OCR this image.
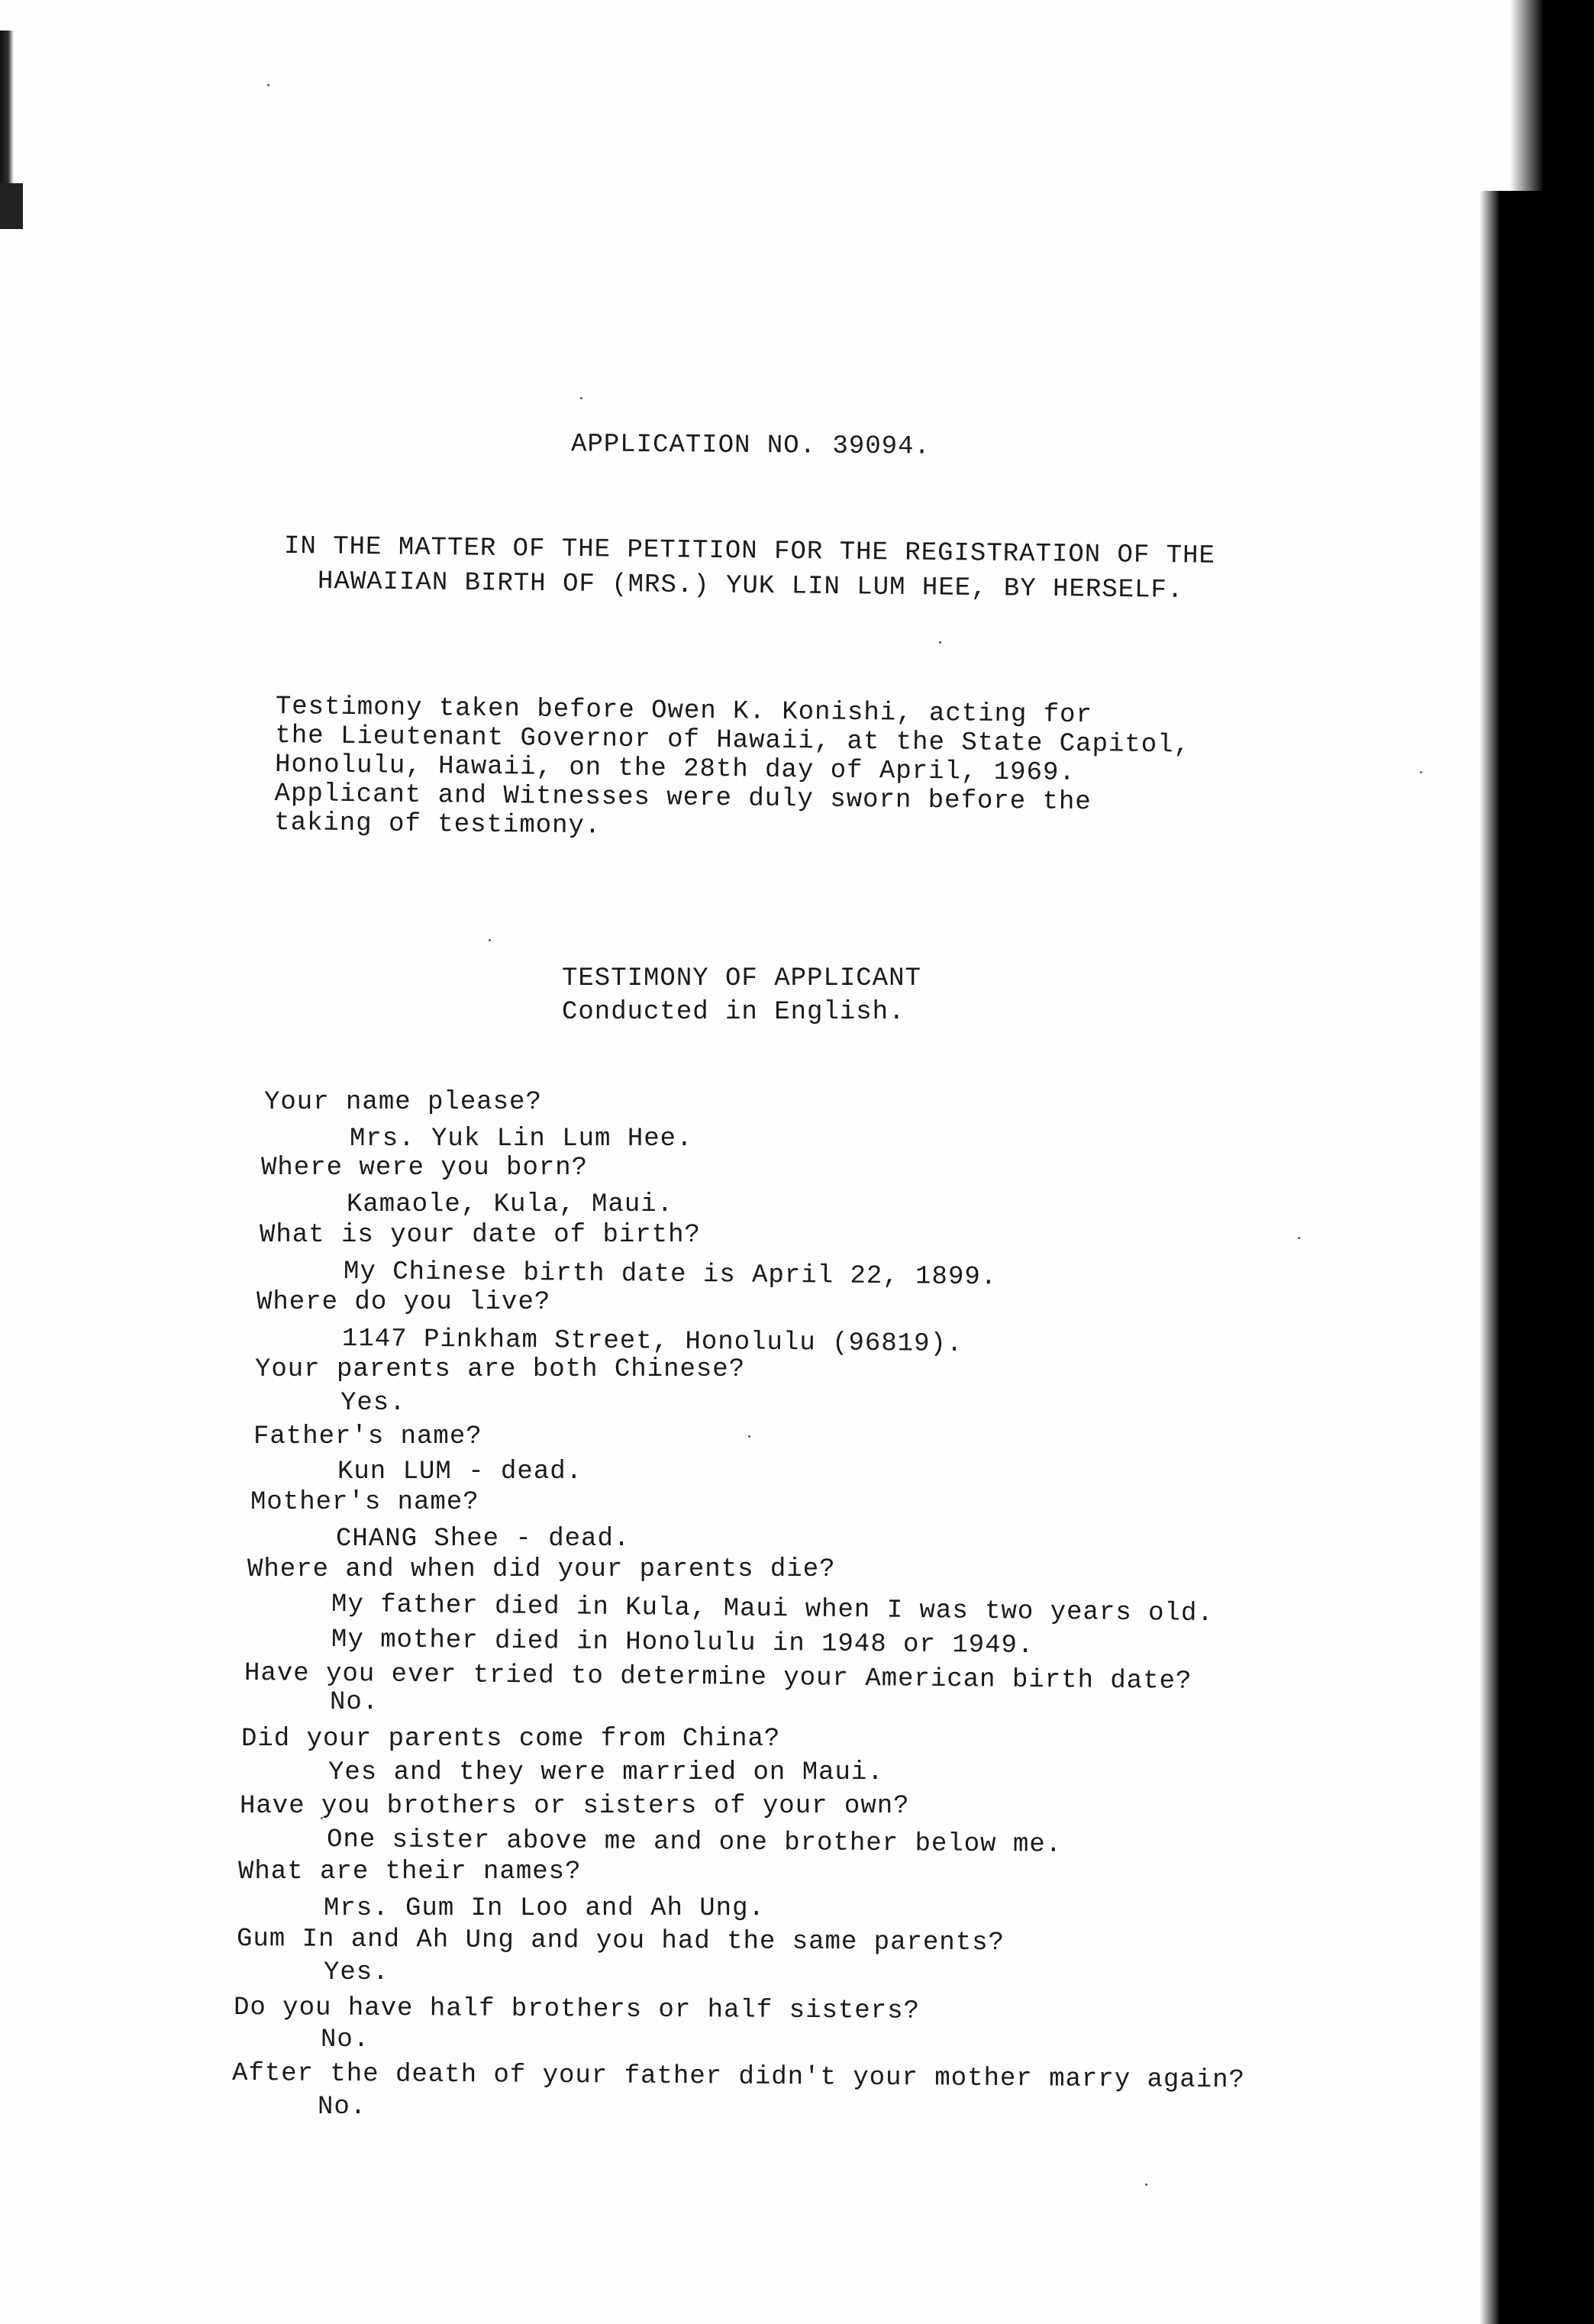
APPLICATION NO. 39094.
IN THE MATTER OF THE PETITION FOR THE REGISTRATION OF THE
HAWAIIAN BIRTH OF (MRS.) YUK LIN LUM HEE, BY HERSELF.
Testimony taken before Owen K. Konishi, acting for
the Lieutenant Governor of Hawaii, at the State Capitol,
Honolulu, Hawaii, on the 28th day of April, 1969.
Applicant and Witnesses were duly sworn before the
taking of testimony.
TESTIMONY OF APPLICANT
Conducted in English.
Your name please?
Mrs. Yuk Lin Lum Hee.
Where were you born?
Kamaole, Kula, Maui.
What is your date of birth?
My Chinese birth date is April 22, 1899.
Where do you live?
1147 Pinkham Street, Honolulu (96819).
Your parents are both Chinese?
Yes.
Father's name?
Kun LUM - dead.
Mother's name?
CHANG Shee - dead.
Where and when did your parents die?
My father died in Kula, Maui when I was two years old.
My mother died in Honolulu in 1948 or 1949.
Have you ever tried to determine your American birth date?
No.
Did your parents come from China?
Yes and they were married on Maui.
Have you brothers or sisters of your own?
One sister above me and one brother below me.
What are their names?
Mrs. Gum In Loo and Ah Ung.
Gum In and Ah Ung and you had the same parents?
Yes.
Do you have half brothers or half sisters?
No.
After the death of your father didn't your mother marry again?
No.
